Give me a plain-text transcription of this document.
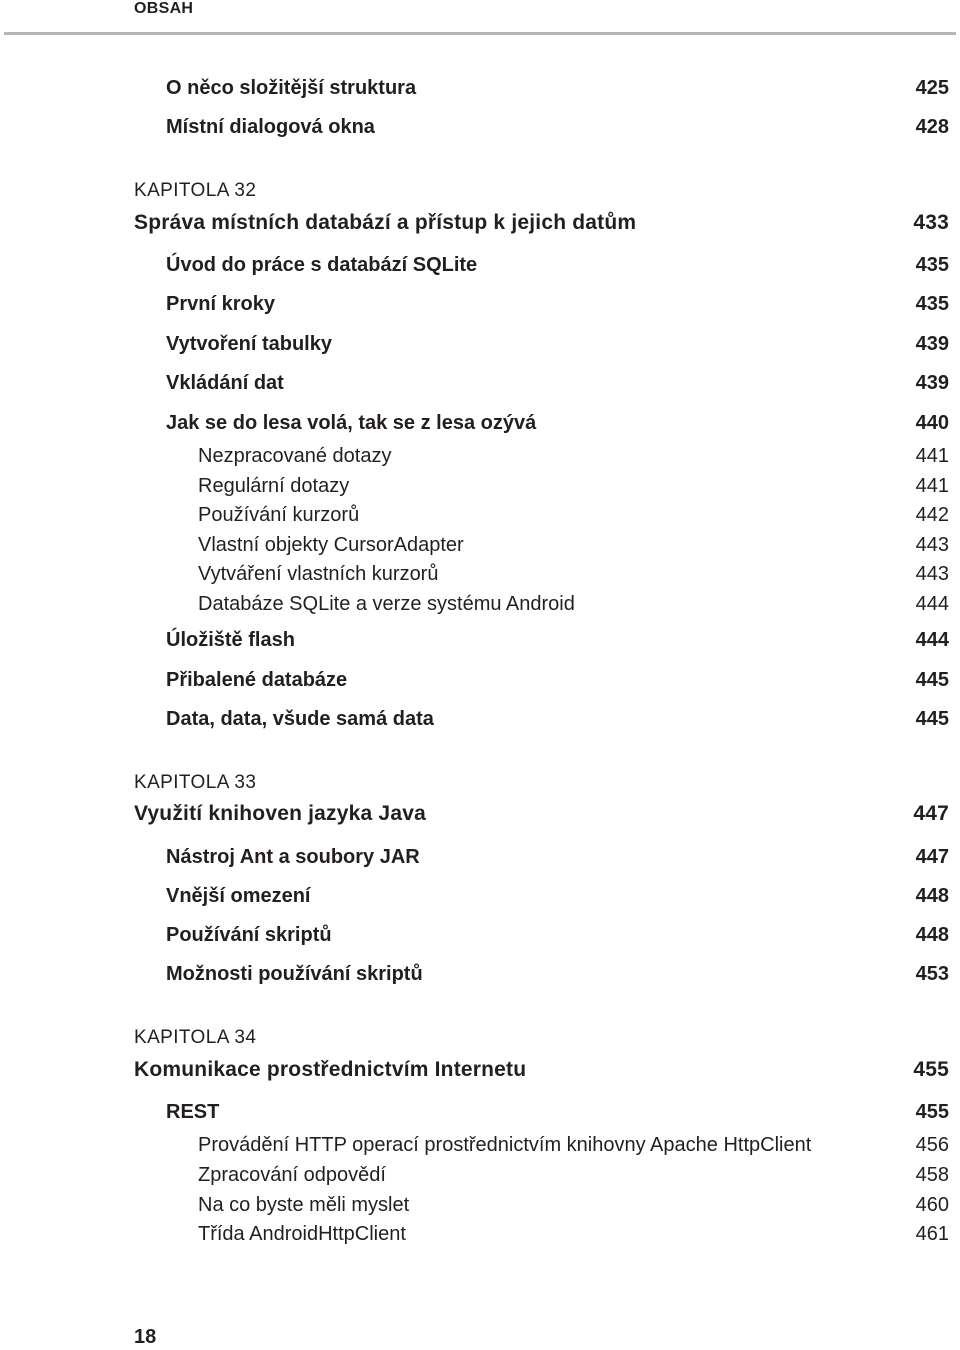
OBSAH
O něco složitější struktura	425
Místní dialogová okna	428
KAPITOLA 32
Správa místních databází a přístup k jejich datům	433
Úvod do práce s databází SQLite	435
První kroky	435
Vytvoření tabulky	439
Vkládání dat	439
Jak se do lesa volá, tak se z lesa ozývá	440
Nezpracované dotazy	441
Regulární dotazy	441
Používání kurzorů	442
Vlastní objekty CursorAdapter	443
Vytváření vlastních kurzorů	443
Databáze SQLite a verze systému Android	444
Úložiště flash	444
Přibalené databáze	445
Data, data, všude samá data	445
KAPITOLA 33
Využití knihoven jazyka Java	447
Nástroj Ant a soubory JAR	447
Vnější omezení	448
Používání skriptů	448
Možnosti používání skriptů	453
KAPITOLA 34
Komunikace prostřednictvím Internetu	455
REST	455
Provádění HTTP operací prostřednictvím knihovny Apache HttpClient	456
Zpracování odpovědí	458
Na co byste měli myslet	460
Třída AndroidHttpClient	461
18
